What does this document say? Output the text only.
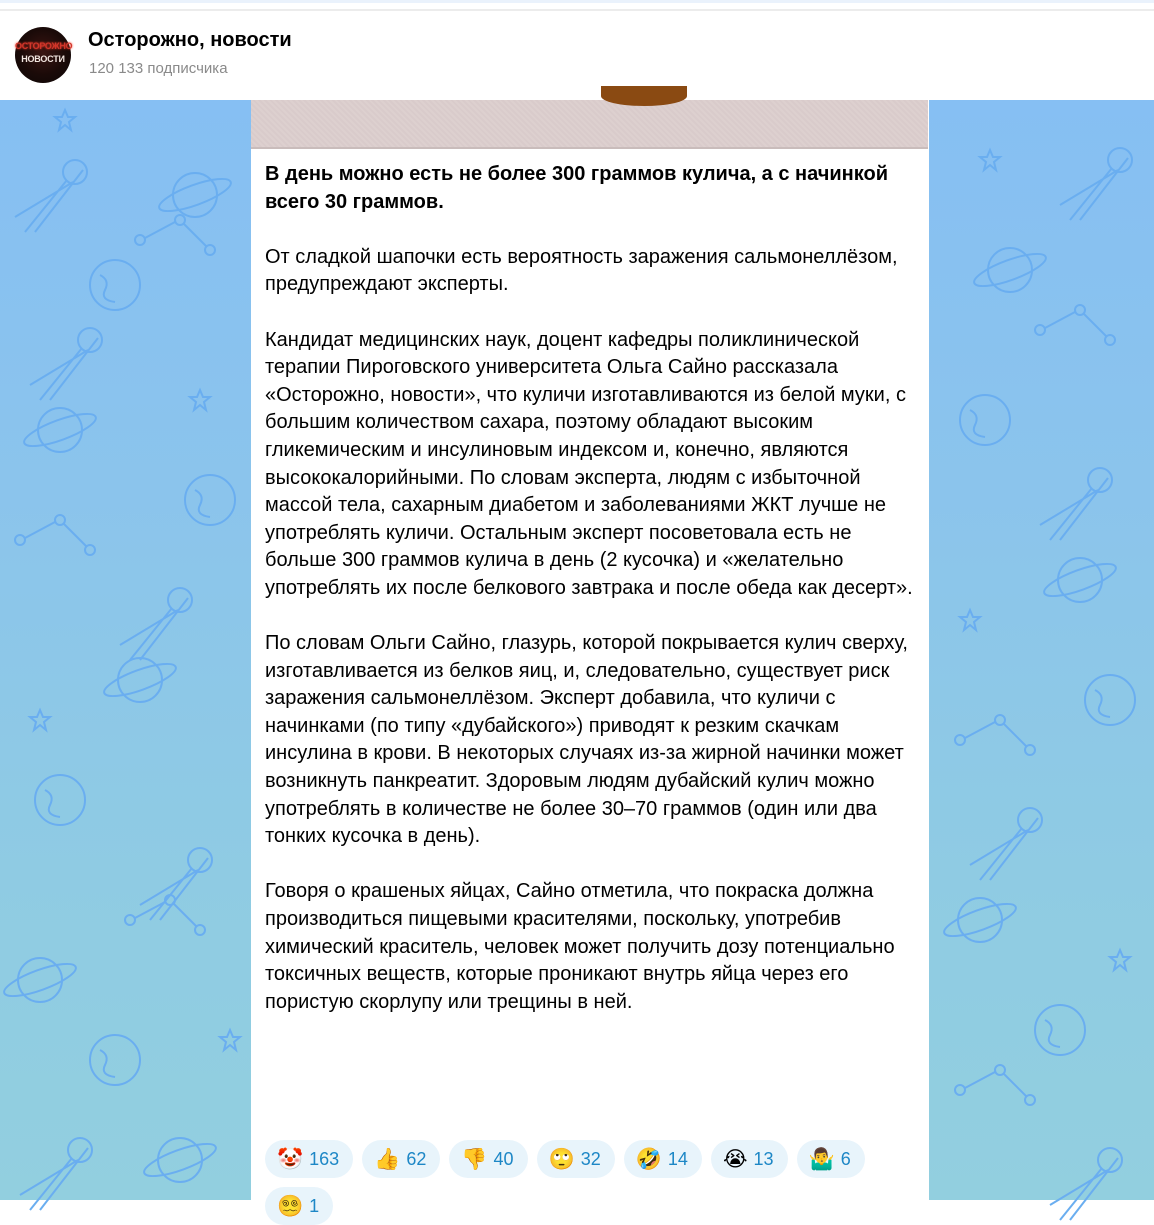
ОСТОРОЖНО
НОВОСТИ
Осторожно, новости
120 133 подписчика

В день можно есть не более 300 граммов кулича, а с начинкой всего 30 граммов.

От сладкой шапочки есть вероятность заражения сальмонеллёзом, предупреждают эксперты.

Кандидат медицинских наук, доцент кафедры поликлинической терапии Пироговского университета Ольга Сайно рассказала «Осторожно, новости», что куличи изготавливаются из белой муки, с большим количеством сахара, поэтому обладают высоким гликемическим и инсулиновым индексом и, конечно, являются высококалорийными. По словам эксперта, людям с избыточной массой тела, сахарным диабетом и заболеваниями ЖКТ лучше не употреблять куличи. Остальным эксперт посоветовала есть не больше 300 граммов кулича в день (2 кусочка) и «желательно употреблять их после белкового завтрака и после обеда как десерт».

По словам Ольги Сайно, глазурь, которой покрывается кулич сверху, изготавливается из белков яиц, и, следовательно, существует риск заражения сальмонеллёзом. Эксперт добавила, что куличи с начинками (по типу «дубайского») приводят к резким скачкам инсулина в крови. В некоторых случаях из-за жирной начинки может возникнуть панкреатит. Здоровым людям дубайский кулич можно употреблять в количестве не более 30–70 граммов (один или два тонких кусочка в день).

Говоря о крашеных яйцах, Сайно отметила, что покраска должна производиться пищевыми красителями, поскольку, употребив химический краситель, человек может получить дозу потенциально токсичных веществ, которые проникают внутрь яйца через его пористую скорлупу или трещины в ней.

🤡 163 👍 62 👎 40 🙄 32 🤣 14 😭 13 🤷‍♂️ 6
😵‍💫 1
